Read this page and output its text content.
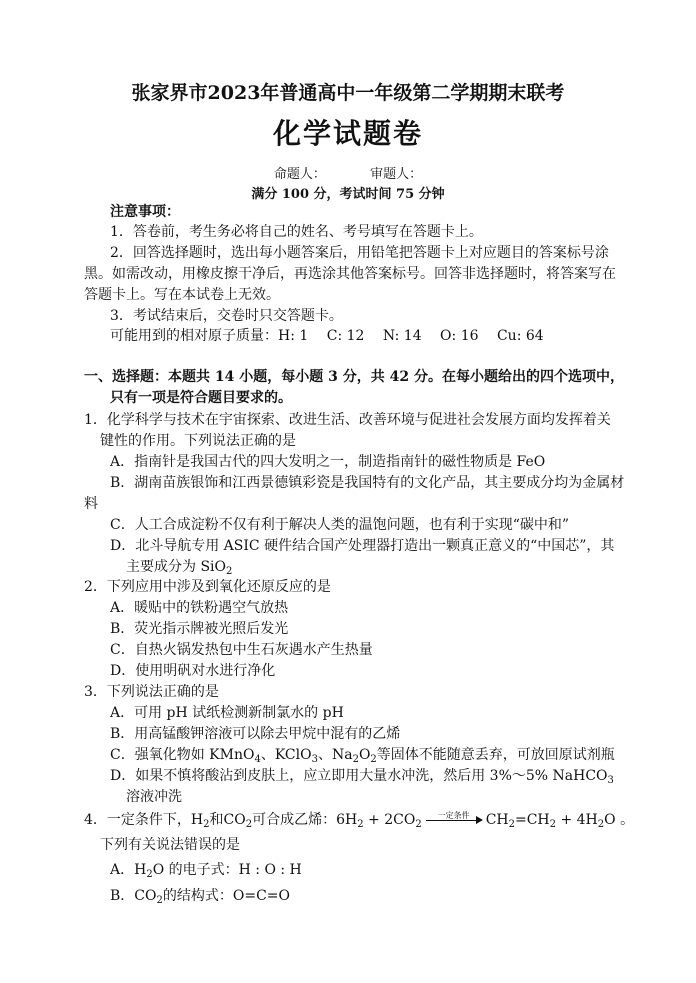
张家界市2023年普通高中一年级第二学期期末联考
化学试题卷
命题人：	审题人：
满分 100 分，考试时间 75 分钟
注意事项：
1．答卷前，考生务必将自己的姓名、考号填写在答题卡上。
2．回答选择题时，选出每小题答案后，用铅笔把答题卡上对应题目的答案标号涂
黑。如需改动，用橡皮擦干净后，再选涂其他答案标号。回答非选择题时，将答案写在
答题卡上。写在本试卷上无效。
3．考试结束后，交卷时只交答题卡。
可能用到的相对原子质量：H: 1　 C: 12　 N: 14　 O: 16　 Cu: 64
一、选择题：本题共 14 小题，每小题 3 分，共 42 分。在每小题给出的四个选项中，
只有一项是符合题目要求的。
1．化学科学与技术在宇宙探索、改进生活、改善环境与促进社会发展方面均发挥着关
键性的作用。下列说法正确的是
A．指南针是我国古代的四大发明之一，制造指南针的磁性物质是 FeO
B．湖南苗族银饰和江西景德镇彩瓷是我国特有的文化产品，其主要成分均为金属材
料
C．人工合成淀粉不仅有利于解决人类的温饱问题，也有利于实现“碳中和”
D．北斗导航专用 ASIC 硬件结合国产处理器打造出一颗真正意义的“中国芯”，其
主要成分为 SiO$_2$
2．下列应用中涉及到氧化还原反应的是
A．暖贴中的铁粉遇空气放热
B．荧光指示牌被光照后发光
C．自热火锅发热包中生石灰遇水产生热量
D．使用明矾对水进行净化
3．下列说法正确的是
A．可用 pH 试纸检测新制氯水的 pH
B．用高锰酸钾溶液可以除去甲烷中混有的乙烯
C．强氧化物如 KMnO$_4$、KClO$_3$、$Na_2O_2$等固体不能随意丢弃，可放回原试剂瓶
D．如果不慎将酸沾到皮肤上，应立即用大量水冲洗，然后用 3%～5% NaHCO$_3$
溶液冲洗
4．一定条件下，$H_2$和$CO_2$可合成乙烯：$6H_2 + 2CO_2$
一定条件	$CH_2=CH_2 + 4H_2O$ 。
下列有关说法错误的是
A．$H_2O$ 的电子式：H : O : H
B．$CO_2$的结构式：O=C=O
